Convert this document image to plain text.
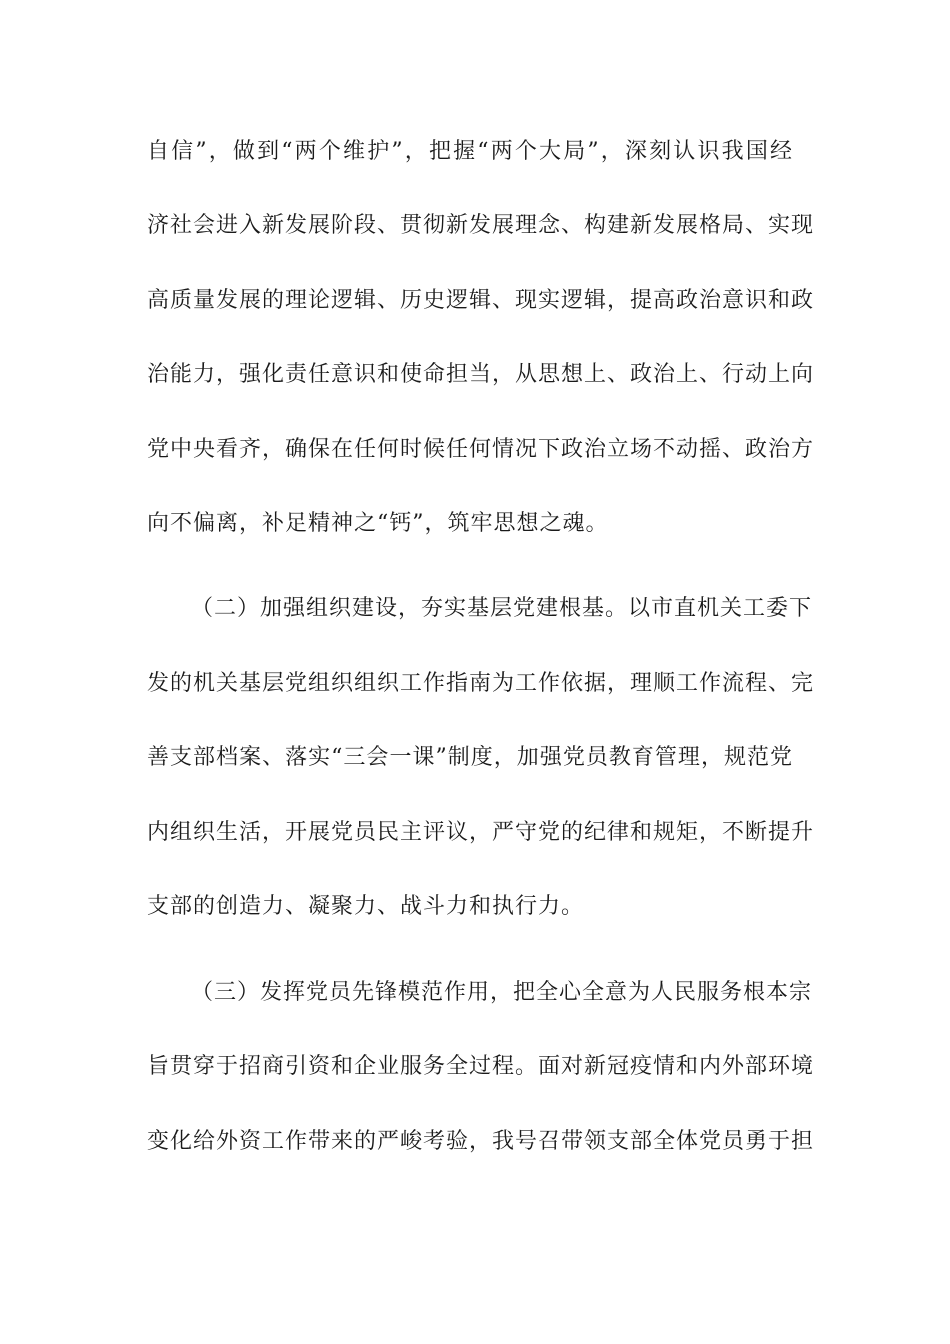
自信”，做到“两个维护”，把握“两个大局”，深刻认识我国经
济社会进入新发展阶段、贯彻新发展理念、构建新发展格局、实现
高质量发展的理论逻辑、历史逻辑、现实逻辑，提高政治意识和政
治能力，强化责任意识和使命担当，从思想上、政治上、行动上向
党中央看齐，确保在任何时候任何情况下政治立场不动摇、政治方
向不偏离，补足精神之“钙”，筑牢思想之魂。
（二）加强组织建设，夯实基层党建根基。以市直机关工委下
发的机关基层党组织组织工作指南为工作依据，理顺工作流程、完
善支部档案、落实“三会一课”制度，加强党员教育管理，规范党
内组织生活，开展党员民主评议，严守党的纪律和规矩，不断提升
支部的创造力、凝聚力、战斗力和执行力。
（三）发挥党员先锋模范作用，把全心全意为人民服务根本宗
旨贯穿于招商引资和企业服务全过程。面对新冠疫情和内外部环境
变化给外资工作带来的严峻考验，我号召带领支部全体党员勇于担
